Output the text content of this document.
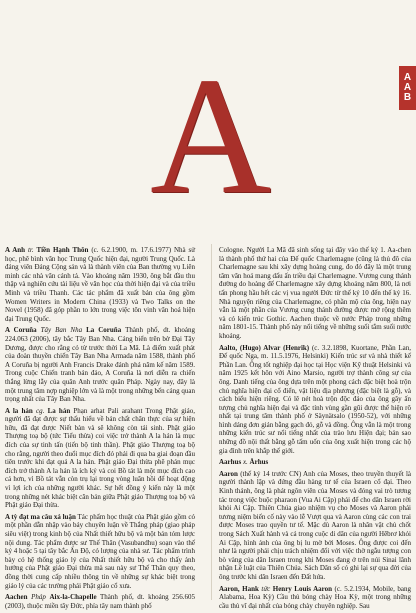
A	A
A
B

A Anh tr. Tiền Hạnh Thôn (c. 6.2.1900, m. 17.6.1977) Nhà sử học, phê bình văn học Trung Quốc hiện đại, người Trung Quốc. Là đảng viên Đảng Cộng sản và là thành viên của Ban thường vụ Liên minh các nhà văn cánh tả. Vào khoảng năm 1930, ông bắt đầu thu thập và nghiên cứu tài liệu về văn học của thời hiện đại và của triều Minh và triều Thanh. Các tác phẩm đã xuất bản của ông gồm Women Writers in Modern China (1933) và Two Talks on the Novel (1958) đã góp phần to lớn trong việc tôn vinh văn hoá hiện đại Trung Quốc.

A Coruña Tây Ban Nha La Coruña Thành phố, dt. khoảng 224.063 (2006), tây bắc Tây Ban Nha. Cảng biển trên bờ Đại Tây Dương, được cho rằng có từ trước thời La Mã. Là điểm xuất phát của đoàn thuyền chiến Tây Ban Nha Armada năm 1588, thành phố A Coruña bị người Anh Francis Drake đánh phá năm kế năm 1589. Trong cuộc Chiến tranh bán đảo, A Coruña là nơi diễn ra chiến thắng lừng lẫy của quân Anh trước quân Pháp. Ngày nay, đây là một trung tâm nợp nghiệp lớn và là một trong những bến cảng quan trọng nhất của Tây Ban Nha.

A la hán cg. La hán Phạn arhat Pali arahant Trong Phật giáo, người đã đạt được sự thấu hiểu về bản chất chân thực của sự hiện hữu, đã đạt được Niết bàn và sẽ không còn tái sinh. Phật giáo Thượng toạ bộ (tức Tiểu thừa) coi việc trở thành A la hán là mục đích của sự tinh tấn (tiến bộ tinh thần). Phật giáo Thượng toạ bộ cho rằng, người theo đuổi mục đích đó phải đi qua ba giai đoạn đầu tiên trước khi đạt quả A la hán. Phật giáo Đại thừa phê phán mục đích trở thành A la hán là ích kỷ và coi Bồ tát là một mục đích cao cả hơn, vì Bồ tát vẫn còn trụ lại trong vòng luân hồi để hoạt động vì lợi ích của những người khác. Sự hết đồng ý kiến này là một trong những nét khác biệt căn bản giữa Phật giáo Thượng toạ bộ và Phật giáo Đại thừa.

A tỳ đạt ma câu xá luận Tác phẩm học thuật của Phật giáo gồm có một phần dẫn nhập vào bảy chuyên luận về Thắng pháp (giao pháp siêu việt) trong kinh bộ của Nhất thiết hữu bộ và một bản tóm lược nội dung. Tác phẩm được sư Thế Thân (Vasubandhu) soạn vào thế kỷ 4 hoặc 5 tại tây bắc Ấn Độ, có lượng của nhà sư. Tác phẩm trình bày có hệ thống giáo lý của Nhất thiết hữu bộ và cho thấy ảnh hưởng của Phật giáo Đại thừa mà sau này sư Thế Thân quy theo, đồng thời cung cấp nhiều thông tin về những sự khác biệt trong giáo lý của các trường phái Phật giáo cổ xưa.

Aachen Pháp Aix-la-Chapelle Thành phố, dt. khoảng 256.605 (2003), thuộc miền tây Đức, phía tây nam thành phố

Cologne. Người La Mã đã sinh sống tại đây vào thế kỷ 1. Aa-chen là thành phố thứ hai của Đế quốc Charlemagne (cũng là thủ đô của Charlemagne sau khi xây dựng hoàng cung, đo đó đây là một trung tâm văn hoá mang dấu ấn triều đại Charlemagne. Vương cung thánh đường do hoàng đế Charlemagne xây dựng khoảng năm 800, là nơi tấn phong hầu hết các vị vua người Đức từ thế kỷ 10 đến thế kỷ 16. Nhà nguyện riêng của Charlemagne, có phần mộ của ông, hiện nay vẫn là một phần của Vương cung thánh đường được mở rộng thêm và có kiến trúc Gothic. Aachen thuộc về nước Pháp trong những năm 1801-15. Thành phố này nổi tiếng về những suối tắm suối nước khoáng.

Aalto, (Hugo) Alvar (Henrik) (c. 3.2.1898, Kuortane, Phần Lan, Đế quốc Nga, m. 11.5.1976, Helsinki) Kiến trúc sư và nhà thiết kế Phần Lan. Ông tốt nghiệp đại học tại Học viện Kỹ thuật Helsinki và năm 1925 kết hôn với Aino Marsio, người trợ thành công sự của ông. Danh tiếng của ông dựa trên một phong cách đặc biệt hoà trộn chủ nghĩa hiện đại cổ điển, vật liệu địa phương (đặc biệt là gỗ), và cách biểu hiện riêng. Có lẽ nét hoà trộn độc đáo của ông gây ấn tượng chủ nghĩa hiện đại và đặc tính vùng gần gũi được thể hiện rõ nhất tại trung tâm thành phố ở Säynätsalo (1950-52), với những hình dáng đơn giản bằng gạch đỏ, gỗ và đồng. Ông vẫn là một trong những kiến trúc sư nổi tiếng nhất của trào lưu Hiện đại; bản sao những đồ nội thất bằng gỗ tấm uốn của ông xuất hiện trong các hộ gia đình trên khắp thế giới.

Aarhus x. Århus

Aaron (thế kỷ 14 trước CN) Anh của Moses, theo truyền thuyết là người thành lập và đứng đầu hàng tư tế của Israen cổ đại. Theo Kinh thánh, ông là phát ngôn viên của Moses và đóng vai trò tương tác trong việc buộc pharaon (Vua Ai Cập) phải để cho dân Israen rời khỏi Ai Cập. Thiên Chúa giao nhiệm vụ cho Moses và Aaron phải tương niệm biến cố này vào lễ Vượt qua và Aaron cùng các con trai được Moses trao quyền tư tế. Mặc dù Aaron là nhân vật chủ chốt trong Sách Xuất hành và cả trong cuộc di dân của người Hêbrơ khỏi Ai Cập, hình ảnh của ông bị lu mờ bởi Moses. Ông được coi đến như là người phải chịu trách nhiệm đối với việc thờ ngẫu tượng con bò vàng của dân Israen trong khi Moses đang ở trên núi Sinai lãnh nhận Lề luật của Thiên Chúa. Sách Dân số có ghi lại sự qua đời của ông trước khi dân Israen đến Đất hứa.

Aaron, Hank tức Henry Louis Aaron (c. 5.2.1934, Mobile, bang Alabama, Hoa Kỳ) Cầu thủ bóng chày Hoa Kỳ, một trong những cầu thủ vĩ đại nhất của bóng chày chuyên nghiệp. Sau
